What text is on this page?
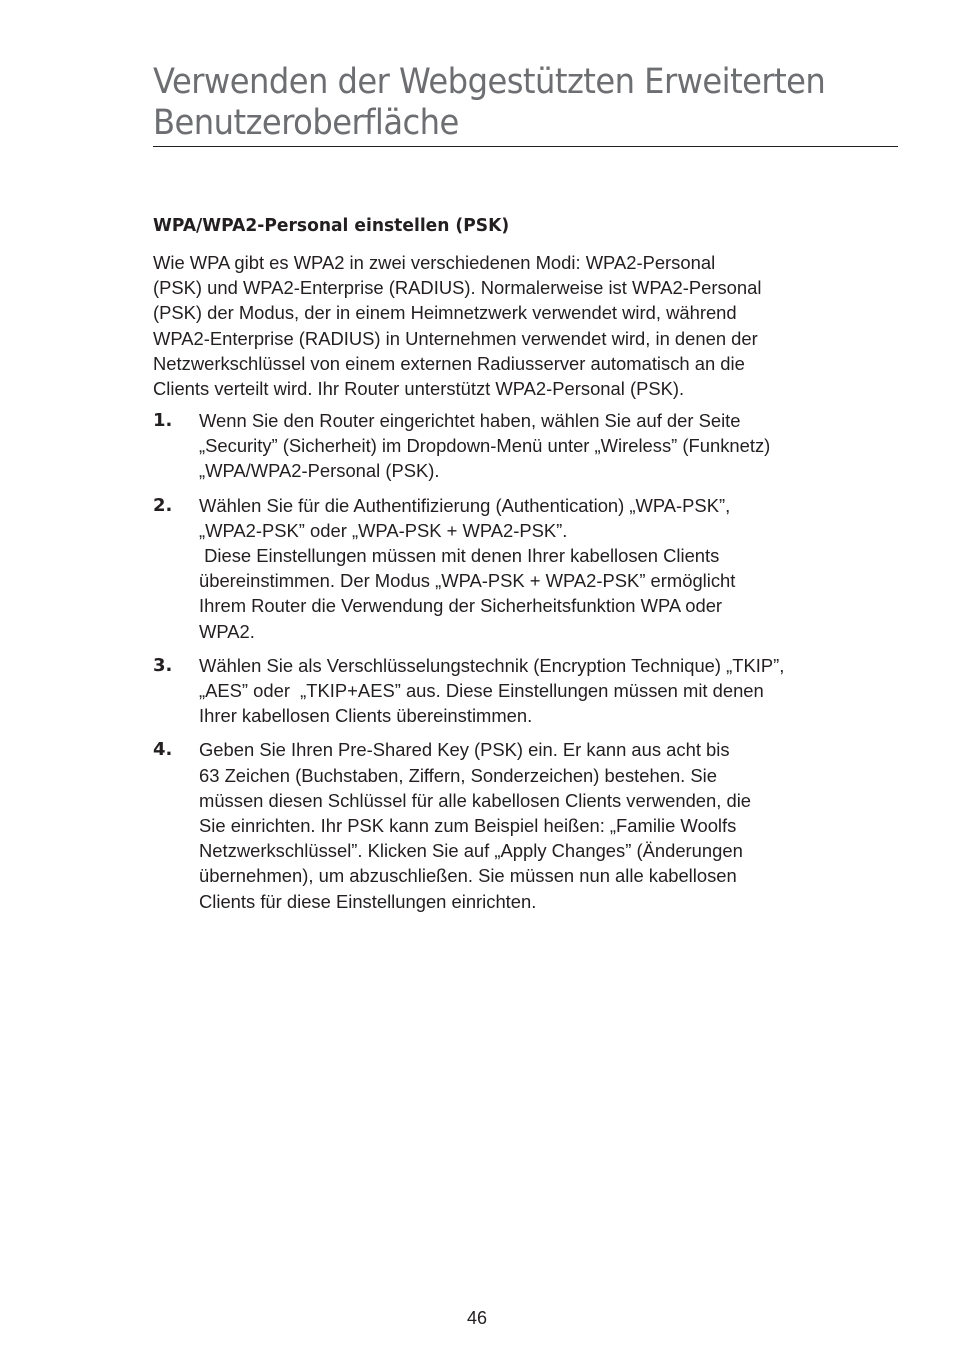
Verwenden der Webgestützten Erweiterten
Benutzeroberfläche
WPA/WPA2-Personal einstellen (PSK)

Wie WPA gibt es WPA2 in zwei verschiedenen Modi: WPA2-Personal
(PSK) und WPA2-Enterprise (RADIUS). Normalerweise ist WPA2-Personal
(PSK) der Modus, der in einem Heimnetzwerk verwendet wird, während
WPA2-Enterprise (RADIUS) in Unternehmen verwendet wird, in denen der
Netzwerkschlüssel von einem externen Radiusserver automatisch an die
Clients verteilt wird. Ihr Router unterstützt WPA2-Personal (PSK).

1. Wenn Sie den Router eingerichtet haben, wählen Sie auf der Seite
„Security” (Sicherheit) im Dropdown-Menü unter „Wireless” (Funknetz)
„WPA/WPA2-Personal (PSK).
2. Wählen Sie für die Authentifizierung (Authentication) „WPA-PSK”,
„WPA2-PSK” oder „WPA-PSK + WPA2-PSK”.
Diese Einstellungen müssen mit denen Ihrer kabellosen Clients
übereinstimmen. Der Modus „WPA-PSK + WPA2-PSK” ermöglicht
Ihrem Router die Verwendung der Sicherheitsfunktion WPA oder
WPA2.
3. Wählen Sie als Verschlüsselungstechnik (Encryption Technique) „TKIP”,
„AES” oder  „TKIP+AES” aus. Diese Einstellungen müssen mit denen
Ihrer kabellosen Clients übereinstimmen.
4. Geben Sie Ihren Pre-Shared Key (PSK) ein. Er kann aus acht bis
63 Zeichen (Buchstaben, Ziffern, Sonderzeichen) bestehen. Sie
müssen diesen Schlüssel für alle kabellosen Clients verwenden, die
Sie einrichten. Ihr PSK kann zum Beispiel heißen: „Familie Woolfs
Netzwerkschlüssel”. Klicken Sie auf „Apply Changes” (Änderungen
übernehmen), um abzuschließen. Sie müssen nun alle kabellosen
Clients für diese Einstellungen einrichten.
46
